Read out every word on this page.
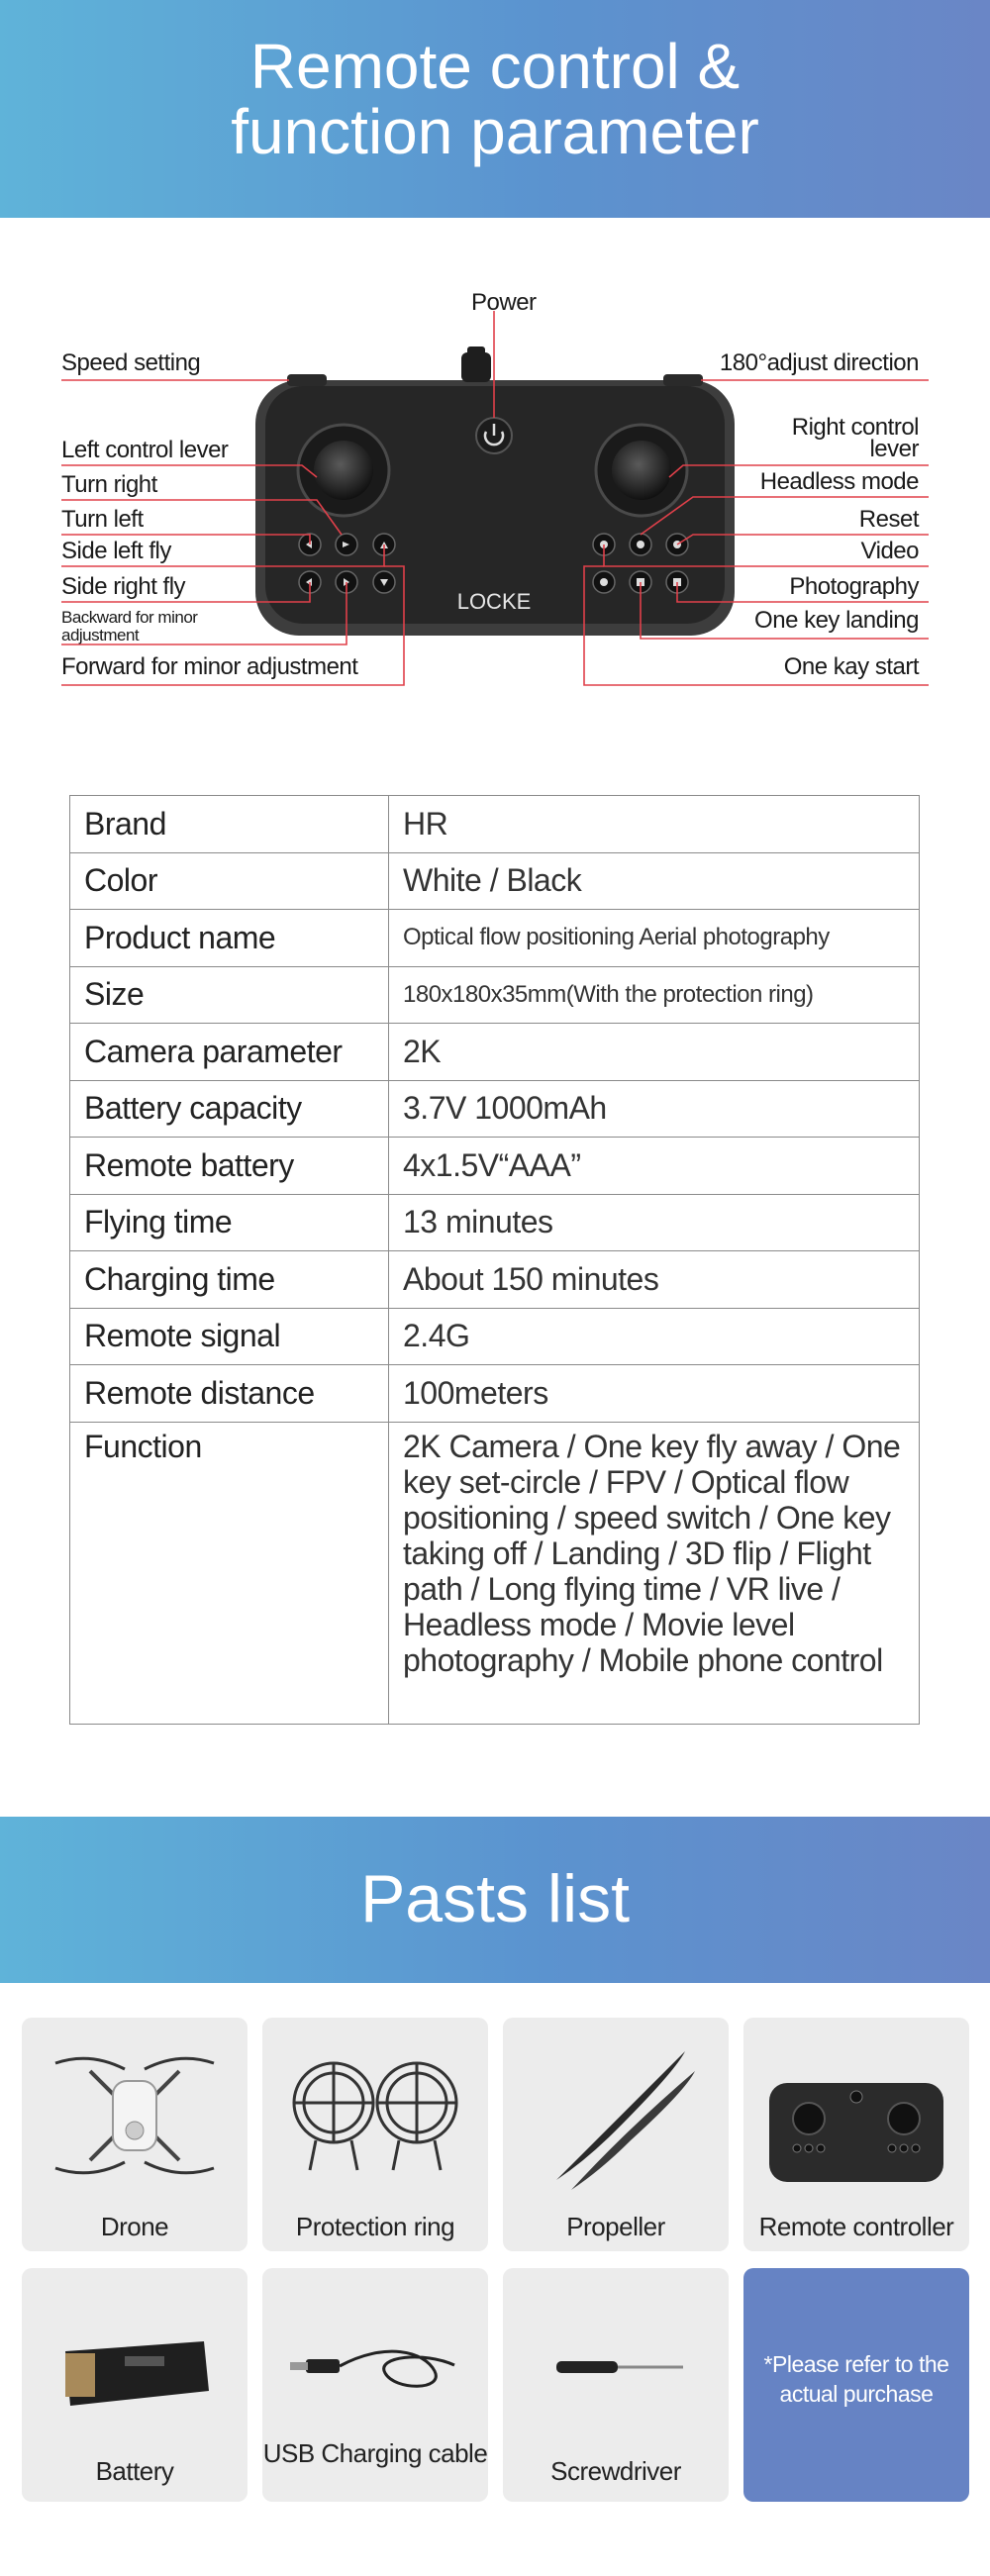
Remote control &
function parameter
LOCKE
Power
Speed setting	180°adjust direction
Left control lever
Right control
lever
Turn right	Headless mode
Turn left	Reset
Side left fly	Video
Side right fly	Photography
Backward for minor adjustment
One key landing
Forward for minor adjustment	One kay start
Brand	HR
Color	White / Black
Product name	Optical flow positioning Aerial photography
Size	180x180x35mm(With the protection ring)
Camera parameter	2K
Battery capacity	3.7V 1000mAh
Remote battery	4x1.5V“AAA”
Flying time	13 minutes
Charging time	About 150 minutes
Remote signal	2.4G
Remote distance	100meters
Function	2K Camera / One key fly away / One key set-circle / FPV / Optical flow positioning / speed switch / One key taking off / Landing / 3D flip / Flight path / Long flying time / VR live / Headless mode / Movie level photography / Mobile phone control
Pasts list
Drone	Protection ring	Propeller	Remote controller
Battery
USB Charging cable
Screwdriver
*Please refer to the actual purchase
